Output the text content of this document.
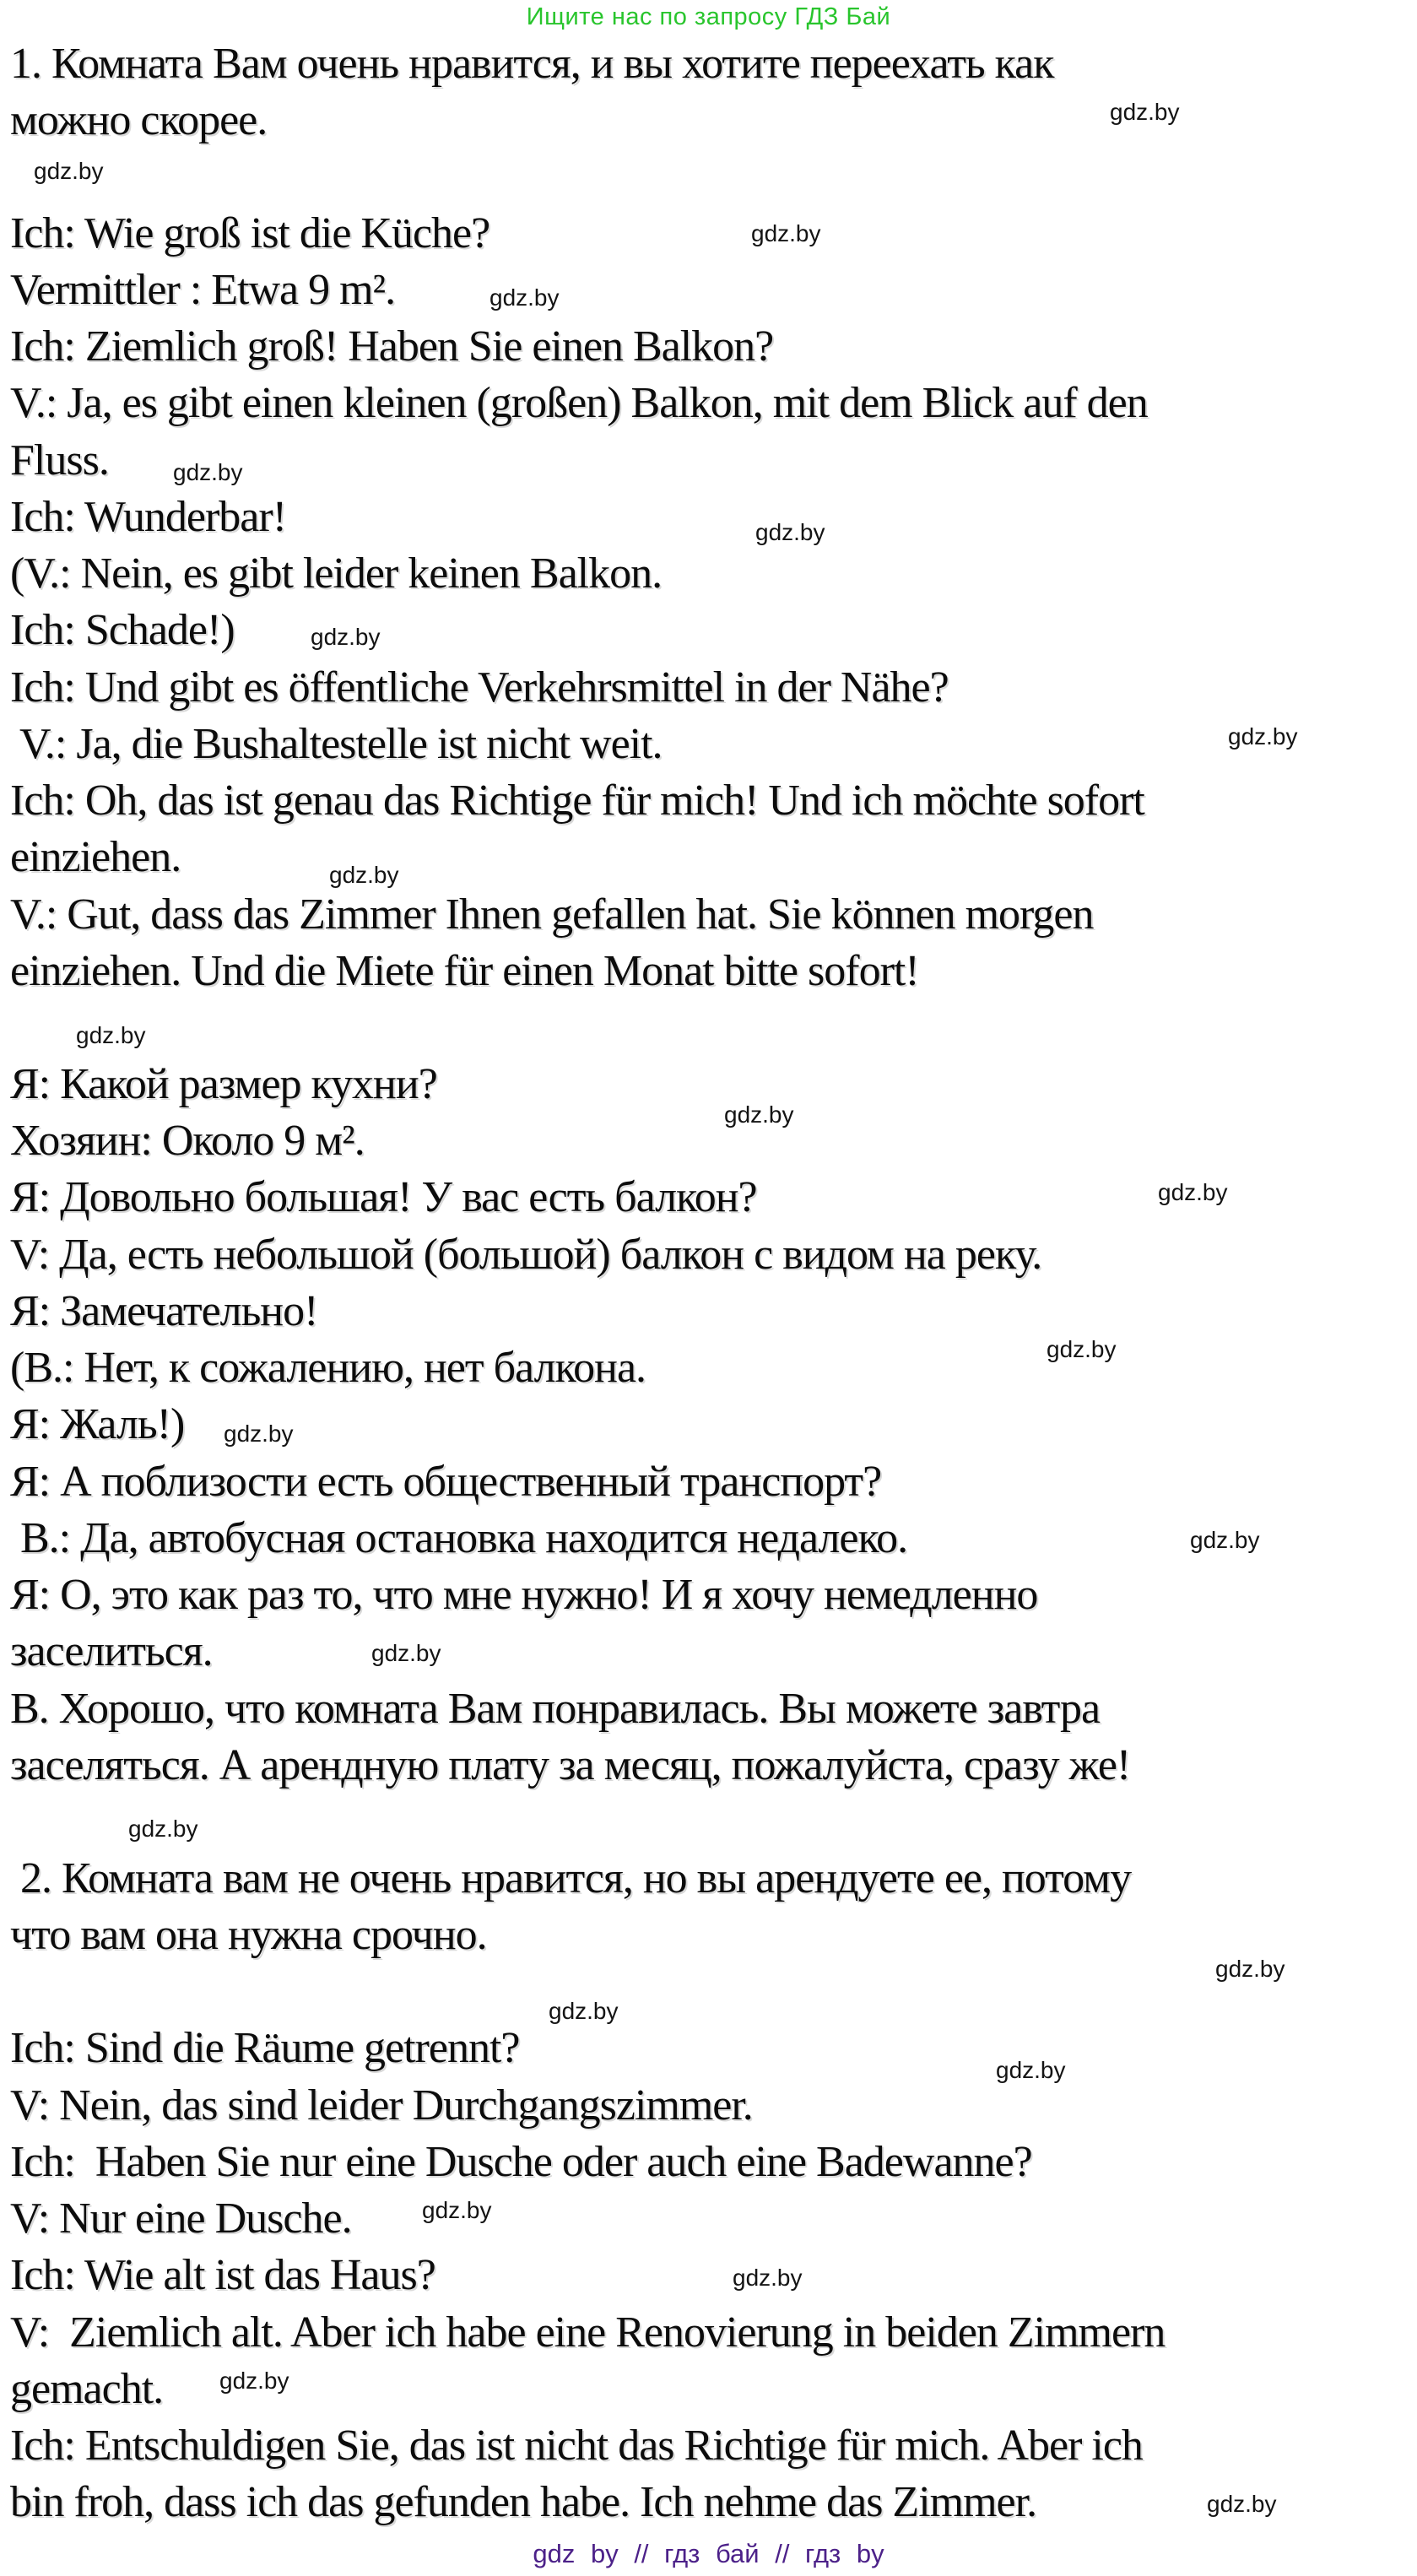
Ищите нас по запросу ГДЗ Бай
1. Комната Вам очень нравится, и вы хотите переехать как
можно скорее.
Ich: Wie groß ist die Küche?
Vermittler : Etwa 9 m².
Ich: Ziemlich groß! Haben Sie einen Balkon?
V.: Ja, es gibt einen kleinen (großen) Balkon, mit dem Blick auf den
Fluss.
Ich: Wunderbar!
(V.: Nein, es gibt leider keinen Balkon.
Ich: Schade!)
Ich: Und gibt es öffentliche Verkehrsmittel in der Nähe?
V.: Ja, die Bushaltestelle ist nicht weit.
Ich: Oh, das ist genau das Richtige für mich! Und ich möchte sofort
einziehen.
V.: Gut, dass das Zimmer Ihnen gefallen hat. Sie können morgen
einziehen. Und die Miete für einen Monat bitte sofort!
Я: Какой размер кухни?
Хозяин: Около 9 м².
Я: Довольно большая! У вас есть балкон?
V: Да, есть небольшой (большой) балкон с видом на реку.
Я: Замечательно!
(В.: Нет, к сожалению, нет балкона.
Я: Жаль!)
Я: А поблизости есть общественный транспорт?
В.: Да, автобусная остановка находится недалеко.
Я: О, это как раз то, что мне нужно! И я хочу немедленно
заселиться.
В. Хорошо, что комната Вам понравилась. Вы можете завтра
заселяться. А арендную плату за месяц, пожалуйста, сразу же!
2. Комната вам не очень нравится, но вы арендуете ее, потому
что вам она нужна срочно.
Ich: Sind die Räume getrennt?
V: Nein, das sind leider Durchgangszimmer.
Ich:  Haben Sie nur eine Dusche oder auch eine Badewanne?
V: Nur eine Dusche.
Ich: Wie alt ist das Haus?
V:  Ziemlich alt. Aber ich habe eine Renovierung in beiden Zimmern
gemacht.
Ich: Entschuldigen Sie, das ist nicht das Richtige für mich. Aber ich
bin froh, dass ich das gefunden habe. Ich nehme das Zimmer.
gdz.by
gdz.by
gdz.by
gdz.by
gdz.by
gdz.by
gdz.by
gdz.by
gdz.by
gdz.by
gdz.by
gdz.by
gdz.by
gdz.by
gdz.by
gdz.by
gdz.by
gdz.by
gdz.by
gdz.by
gdz.by
gdz.by
gdz.by
gdz.by
gdz by // гдз бай // гдз by
